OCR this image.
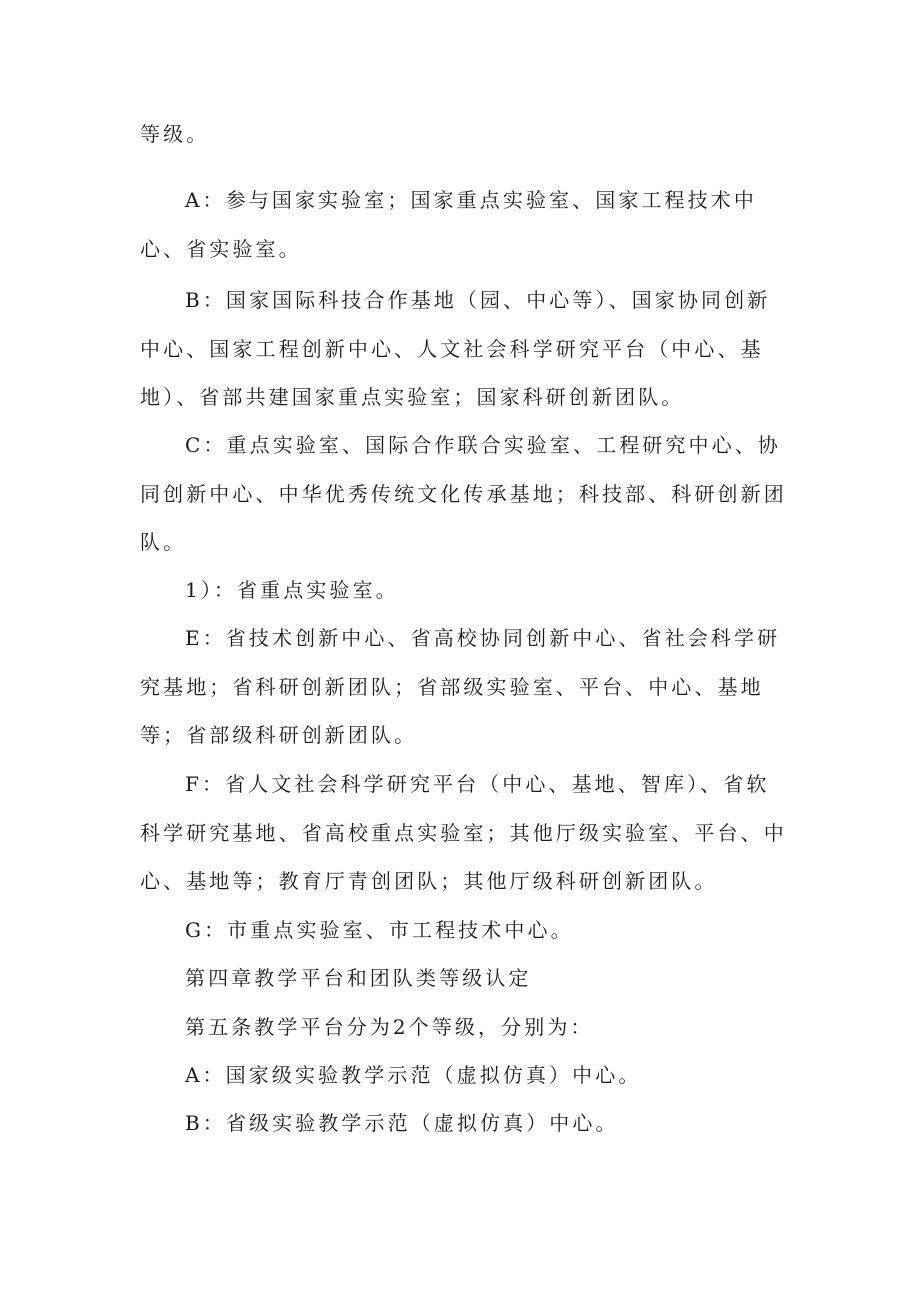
等级。

A：参与国家实验室；国家重点实验室、国家工程技术中心、省实验室。

B：国家国际科技合作基地（园、中心等）、国家协同创新中心、国家工程创新中心、人文社会科学研究平台（中心、基地）、省部共建国家重点实验室；国家科研创新团队。

C：重点实验室、国际合作联合实验室、工程研究中心、协同创新中心、中华优秀传统文化传承基地；科技部、科研创新团队。

1）：省重点实验室。

E：省技术创新中心、省高校协同创新中心、省社会科学研究基地；省科研创新团队；省部级实验室、平台、中心、基地等；省部级科研创新团队。

F：省人文社会科学研究平台（中心、基地、智库）、省软科学研究基地、省高校重点实验室；其他厅级实验室、平台、中心、基地等；教育厅青创团队；其他厅级科研创新团队。

G：市重点实验室、市工程技术中心。

第四章教学平台和团队类等级认定

第五条教学平台分为2个等级，分别为：

A：国家级实验教学示范（虚拟仿真）中心。

B：省级实验教学示范（虚拟仿真）中心。
